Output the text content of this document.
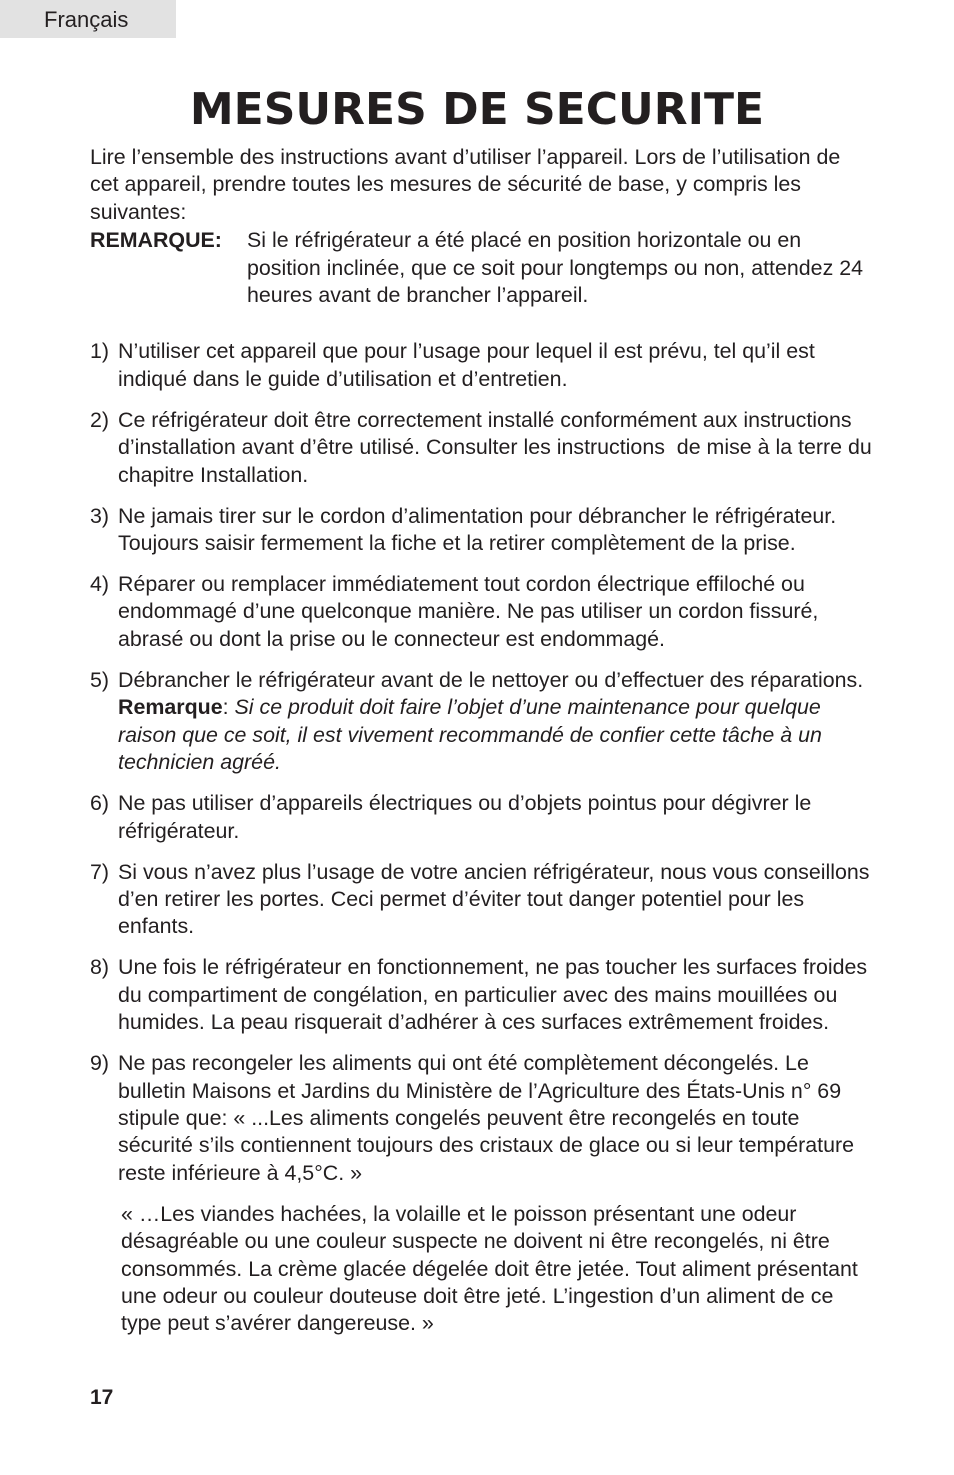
Français
MESURES DE SECURITE

Lire l’ensemble des instructions avant d’utiliser l’appareil. Lors de l’utilisation de cet appareil, prendre toutes les mesures de sécurité de base, y compris les suivantes:

REMARQUE:	Si le réfrigérateur a été placé en position horizontale ou en position inclinée, que ce soit pour longtemps ou non, attendez 24 heures avant de brancher l’appareil.
1) N’utiliser cet appareil que pour l’usage pour lequel il est prévu, tel qu’il est indiqué dans le guide d’utilisation et d’entretien.
2) Ce réfrigérateur doit être correctement installé conformément aux instructions d’installation avant d’être utilisé. Consulter les instructions  de mise à la terre du chapitre Installation.
3) Ne jamais tirer sur le cordon d’alimentation pour débrancher le réfrigérateur. Toujours saisir fermement la fiche et la retirer complètement de la prise.
4) Réparer ou remplacer immédiatement tout cordon électrique effiloché ou endommagé d’une quelconque manière. Ne pas utiliser un cordon fissuré, abrasé ou dont la prise ou le connecteur est endommagé.
5) Débrancher le réfrigérateur avant de le nettoyer ou d’effectuer des réparations. Remarque: Si ce produit doit faire l’objet d’une maintenance pour quelque raison que ce soit, il est vivement recommandé de confier cette tâche à un technicien agréé.
6) Ne pas utiliser d’appareils électriques ou d’objets pointus pour dégivrer le réfrigérateur.
7) Si vous n’avez plus l’usage de votre ancien réfrigérateur, nous vous conseillons d’en retirer les portes. Ceci permet d’éviter tout danger potentiel pour les enfants.
8) Une fois le réfrigérateur en fonctionnement, ne pas toucher les surfaces froides du compartiment de congélation, en particulier avec des mains mouillées ou humides. La peau risquerait d’adhérer à ces surfaces extrêmement froides.
9) Ne pas recongeler les aliments qui ont été complètement décongelés. Le bulletin Maisons et Jardins du Ministère de l’Agriculture des États-Unis n° 69 stipule que: « ...Les aliments congelés peuvent être recongelés en toute sécurité s’ils contiennent toujours des cristaux de glace ou si leur température reste inférieure à 4,5°C. »

« …Les viandes hachées, la volaille et le poisson présentant une odeur désagréable ou une couleur suspecte ne doivent ni être recongelés, ni être consommés. La crème glacée dégelée doit être jetée. Tout aliment présentant une odeur ou couleur douteuse doit être jeté. L’ingestion d’un aliment de ce type peut s’avérer dangereuse. »

17
